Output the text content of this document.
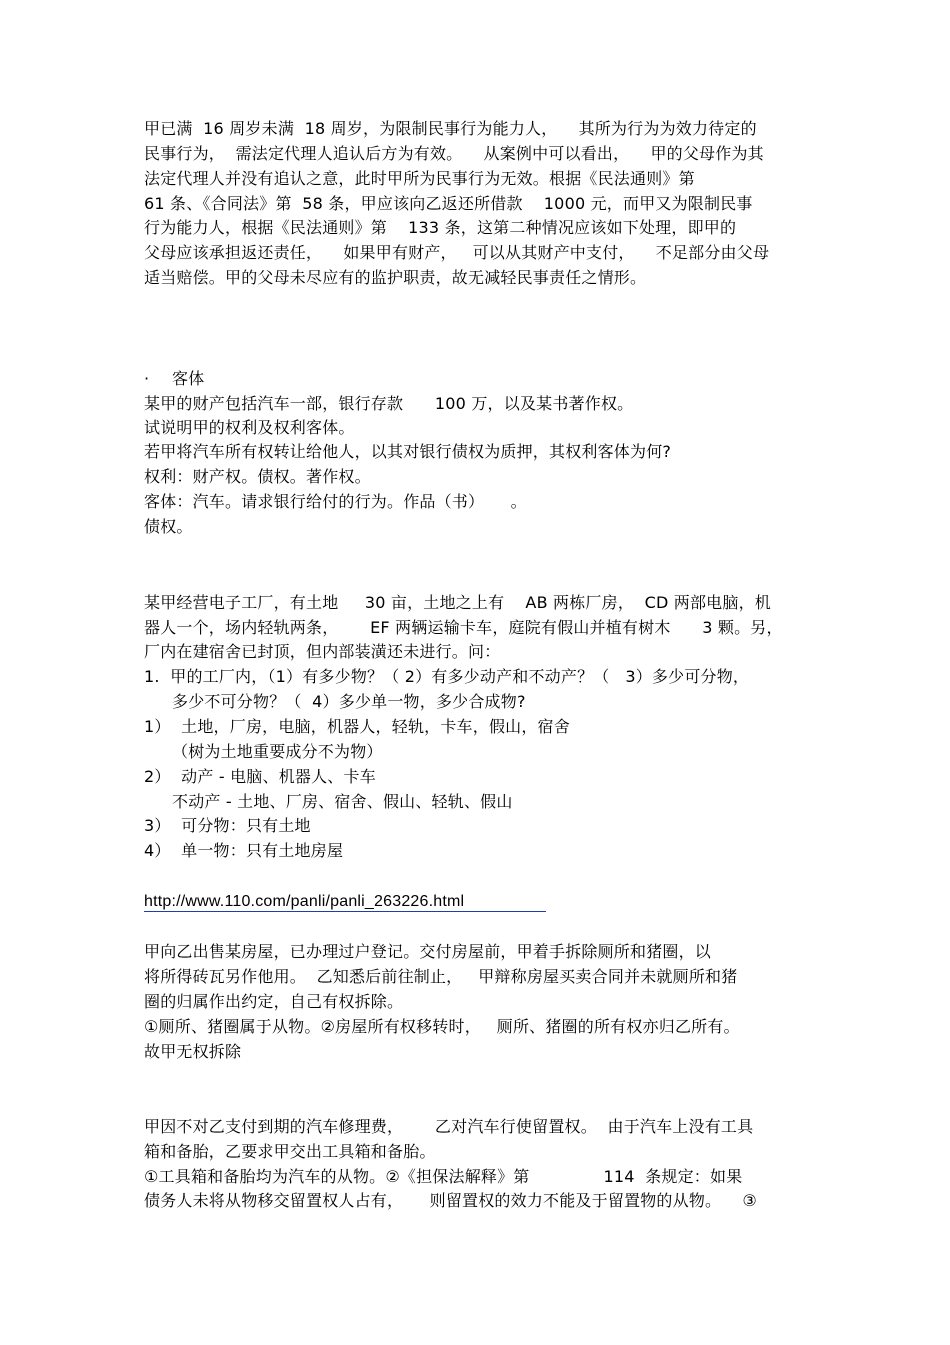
甲已满  16 周岁未满  18 周岁，为限制民事行为能力人，    其所为行为为效力待定的
民事行为，  需法定代理人追认后方为有效。    从案例中可以看出，    甲的父母作为其
法定代理人并没有追认之意，此时甲所为民事行为无效。根据《民法通则》第
61 条、《合同法》第  58 条，甲应该向乙返还所借款    1000 元，而甲又为限制民事
行为能力人，根据《民法通则》第    133 条，这第二种情况应该如下处理，即甲的
父母应该承担返还责任，    如果甲有财产，   可以从其财产中支付，    不足部分由父母
适当赔偿。甲的父母未尽应有的监护职责，故无减轻民事责任之情形。
· 客体
某甲的财产包括汽车一部，银行存款      100 万，以及某书著作权。
试说明甲的权利及权利客体。
若甲将汽车所有权转让给他人，以其对银行债权为质押，其权利客体为何?
权利：财产权。债权。著作权。
客体：汽车。请求银行给付的行为。作品（书）     。
债权。
某甲经营电子工厂，有土地     30 亩，土地之上有    AB 两栋厂房，  CD 两部电脑，机
器人一个，场内轻轨两条，      EF 两辆运输卡车，庭院有假山并植有树木      3 颗。另，
厂内在建宿舍已封顶，但内部装潢还未进行。问：
1.  甲的工厂内，（1）有多少物？（ 2）有多少动产和不动产？（   3）多少可分物，
多少不可分物？（  4）多少单一物，多少合成物?
1）  土地，厂房，电脑，机器人，轻轨，卡车，假山，宿舍
（树为土地重要成分不为物）
2）  动产 - 电脑、机器人、卡车
不动产 - 土地、厂房、宿舍、假山、轻轨、假山
3）  可分物：只有土地
4）  单一物：只有土地房屋
http://www.110.com/panli/panli_263226.html
甲向乙出售某房屋，已办理过户登记。交付房屋前，甲着手拆除厕所和猪圈，以
将所得砖瓦另作他用。  乙知悉后前往制止，   甲辩称房屋买卖合同并未就厕所和猪
圈的归属作出约定，自己有权拆除。
①厕所、猪圈属于从物。②房屋所有权移转时，   厕所、猪圈的所有权亦归乙所有。
故甲无权拆除
甲因不对乙支付到期的汽车修理费，      乙对汽车行使留置权。  由于汽车上没有工具
箱和备胎，乙要求甲交出工具箱和备胎。
①工具箱和备胎均为汽车的从物。②《担保法解释》第              114  条规定：如果
债务人未将从物移交留置权人占有，     则留置权的效力不能及于留置物的从物。    ③
